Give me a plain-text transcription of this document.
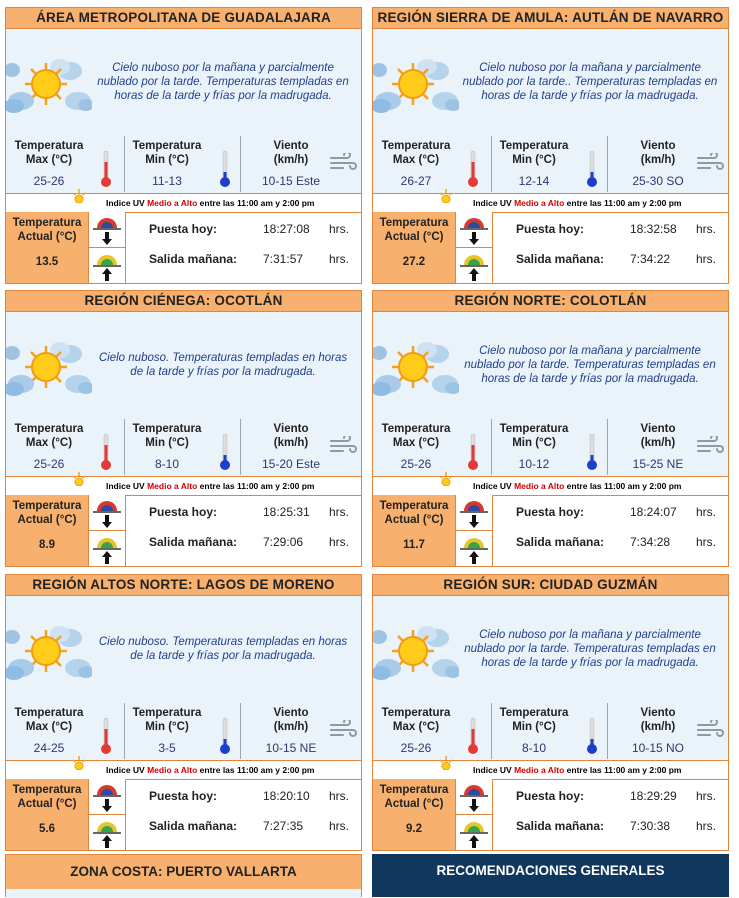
ÁREA METROPOLITANA DE GUADALAJARA
Cielo nuboso por la mañana y parcialmente nublado por la tarde. Temperaturas templadas en horas de la tarde y frías por la madrugada.
Temperatura
Max (°C)
25-26
Temperatura
Min (°C)
11-13
Viento
(km/h)
10-15 Este
Indice UV Medio a Alto entre las 11:00 am y 2:00 pm
Temperatura
Actual (°C)
13.5
Puesta hoy:	18:27:08 hrs.
Salida mañana: 7:31:57 hrs.
REGIÓN SIERRA DE AMULA: AUTLÁN DE NAVARRO
Cielo nuboso por la mañana y parcialmente nublado por la tarde.. Temperaturas templadas en horas de la tarde y frías por la madrugada.
Temperatura
Max (°C)
26-27
Temperatura
Min (°C)
12-14
Viento
(km/h)
25-30 SO
Indice UV Medio a Alto entre las 11:00 am y 2:00 pm
Temperatura
Actual (°C)
27.2
Puesta hoy:	18:32:58 hrs.
Salida mañana: 7:34:22 hrs.
REGIÓN CIÉNEGA: OCOTLÁN
Cielo nuboso. Temperaturas templadas en horas de la tarde y frías por la madrugada.
Temperatura
Max (°C)
25-26
Temperatura
Min (°C)
8-10
Viento
(km/h)
15-20 Este
Indice UV Medio a Alto entre las 11:00 am y 2:00 pm
Temperatura
Actual (°C)
8.9
Puesta hoy:	18:25:31 hrs.
Salida mañana: 7:29:06 hrs.
REGIÓN NORTE: COLOTLÁN
Cielo nuboso por la mañana y parcialmente nublado por la tarde. Temperaturas templadas en horas de la tarde y frías por la madrugada.
Temperatura
Max (°C)
25-26
Temperatura
Min (°C)
10-12
Viento
(km/h)
15-25 NE
Indice UV Medio a Alto entre las 11:00 am y 2:00 pm
Temperatura
Actual (°C)
11.7
Puesta hoy:	18:24:07 hrs.
Salida mañana: 7:34:28 hrs.
REGIÓN ALTOS NORTE: LAGOS DE MORENO
Cielo nuboso. Temperaturas templadas en horas de la tarde y frías por la madrugada.
Temperatura
Max (°C)
24-25
Temperatura
Min (°C)
3-5
Viento
(km/h)
10-15 NE
Indice UV Medio a Alto entre las 11:00 am y 2:00 pm
Temperatura
Actual (°C)
5.6
Puesta hoy:	18:20:10 hrs.
Salida mañana: 7:27:35 hrs.
REGIÓN SUR: CIUDAD GUZMÁN
Cielo nuboso por la mañana y parcialmente nublado por la tarde. Temperaturas templadas en horas de la tarde y frías por la madrugada.
Temperatura
Max (°C)
25-26
Temperatura
Min (°C)
8-10
Viento
(km/h)
10-15 NO
Indice UV Medio a Alto entre las 11:00 am y 2:00 pm
Temperatura
Actual (°C)
9.2
Puesta hoy:	18:29:29 hrs.
Salida mañana: 7:30:38 hrs.
ZONA COSTA: PUERTO VALLARTA	RECOMENDACIONES GENERALES
